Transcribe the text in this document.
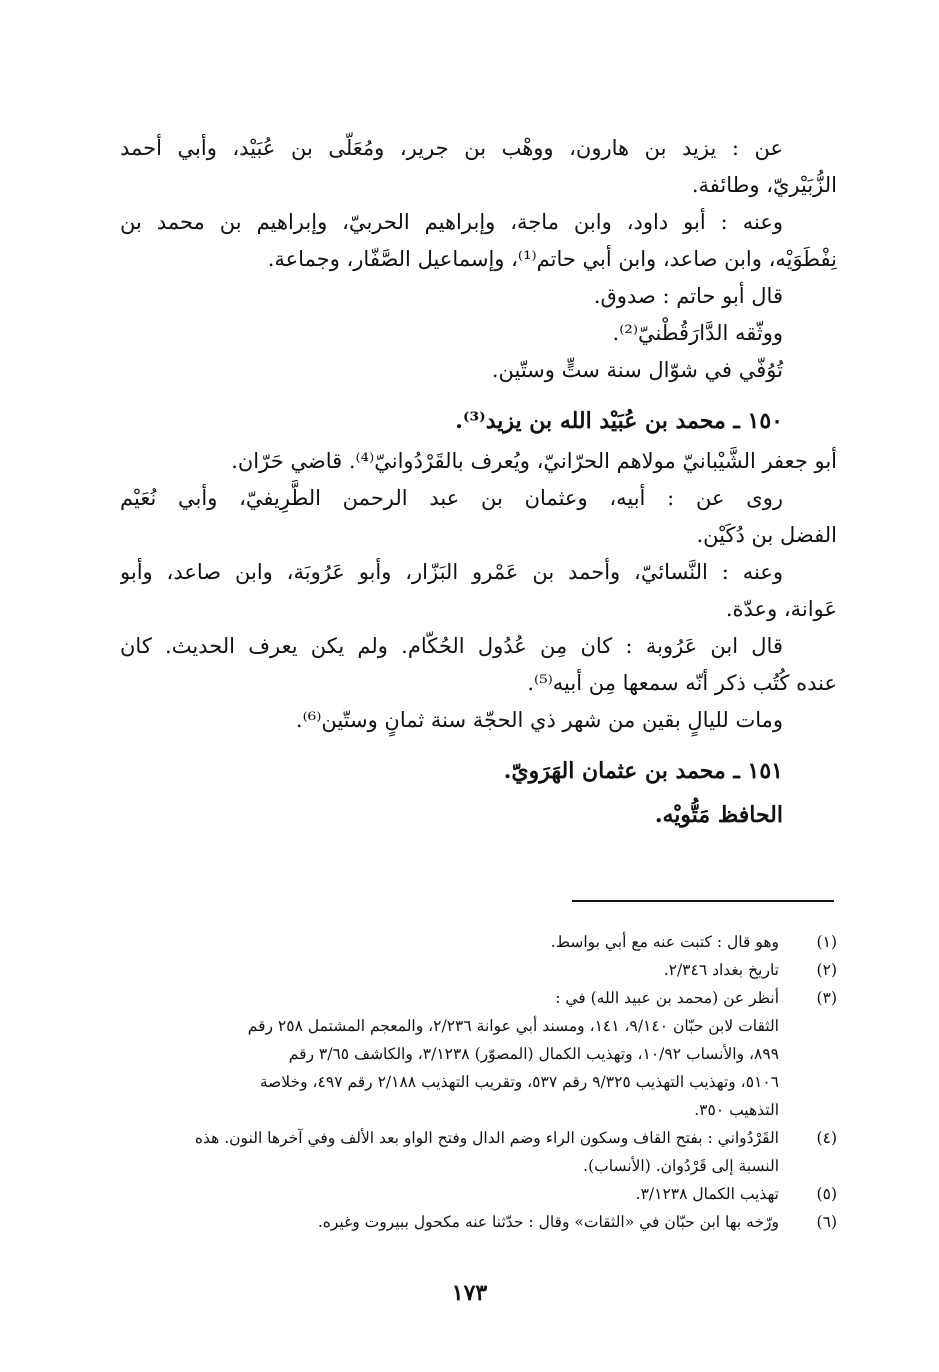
عن : يزيد بن هارون، ووهْب بن جرير، ومُعَلّى بن عُبَيْد، وأبي أحمد
الزُّبَيْريّ، وطائفة.
وعنه : أبو داود، وابن ماجة، وإبراهيم الحربيّ، وإبراهيم بن محمد بن
نِفْطَوَيْه، وابن صاعد، وابن أبي حاتم⁽¹⁾، وإسماعيل الصَّفّار، وجماعة.
قال أبو حاتم : صدوق.
ووثّقه الدَّارَقُطْنيّ⁽²⁾.
تُوُفّي في شوّال سنة ستٍّ وستّين.
١٥٠ ـ محمد بن عُبَيْد الله بن يزيد⁽³⁾.
أبو جعفر الشَّيْبانيّ مولاهم الحرّانيّ، ويُعرف بالقَرْدُوانيّ⁽⁴⁾. قاضي حَرّان.
روى عن : أبيه، وعثمان بن عبد الرحمن الطَّرِيفيّ، وأبي نُعَيْم
الفضل بن دُكَيْن.
وعنه : النَّسائيّ، وأحمد بن عَمْرو البَزّار، وأبو عَرُوبَة، وابن صاعد، وأبو
عَوانة، وعدّة.
قال ابن عَرُوبة : كان مِن عُدُول الحُكّام. ولم يكن يعرف الحديث. كان
عنده كُتُب ذكر أنّه سمعها مِن أبيه⁽⁵⁾.
ومات لليالٍ بقين من شهر ذي الحجّة سنة ثمانٍ وستّين⁽⁶⁾.
١٥١ ـ محمد بن عثمان الهَرَويّ.
الحافظ مَتُّويْه.
(١)
وهو قال : كتبت عنه مع أبي بواسط.
(٢)
تاريخ بغداد ٢/٣٤٦.
(٣)
أنظر عن (محمد بن عبيد الله) في :
الثقات لابن حبّان ٩/١٤٠، ١٤١، ومسند أبي عوانة ٢/٢٣٦، والمعجم المشتمل ٢٥٨ رقم
٨٩٩، والأنساب ١٠/٩٢، وتهذيب الكمال (المصوّر) ٣/١٢٣٨، والكاشف ٣/٦٥ رقم
٥١٠٦، وتهذيب التهذيب ٩/٣٢٥ رقم ٥٣٧، وتقريب التهذيب ٢/١٨٨ رقم ٤٩٧، وخلاصة
التذهيب ٣٥٠.
(٤)
القَرْدُواني : بفتح القاف وسكون الراء وضم الدال وفتح الواو بعد الألف وفي آخرها النون. هذه
النسبة إلى قَرْدُوان. (الأنساب).
(٥)
تهذيب الكمال ٣/١٢٣٨.
(٦)
ورّخه بها ابن حبّان في «الثقات» وقال : حدّثنا عنه مكحول ببيروت وغيره.
١٧٣
